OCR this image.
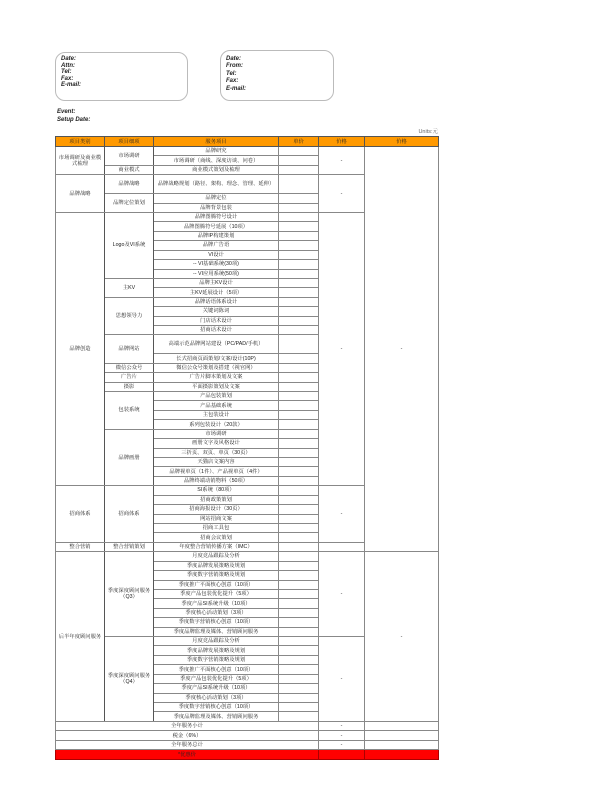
Date:
Attn:
Tel:
Fax:
E-mail:
Date:
From:
Tel:
Fax:
E-mail:
Event:
Setup Date:
Units:元
项目类别	项目细项	服务项目	单价	价格	价格
市场调研及商业模式梳理	市场调研	品牌研究		-	-
		市场调研（商线、深度访谈、问卷）			
	商业模式	商业模式策划及梳理			
品牌战略	品牌战略	品牌战略规划（路径、架构、理念、管理、延伸）		-	
	品牌定位策划	品牌定位			
		品牌背景包装			
品牌创造	Logo及VI系统	品牌图腾符号设计		-	
		品牌图腾符号延展（10项）			
		品牌IP构建策划			
		品牌广告语			
		VI设计			
		-- VI基础系统(30项)			
		-- VI应用系统(50项)			
	主KV	品牌主KV设计			
		主KV延展设计（5项）			
	思想领导力	品牌话语体系设计			
		关键词陈词			
		门店话术设计			
		招商话术设计			
	品牌网站	高端示范品牌网站建设（PC/PAD/手机）			
		长式招商页面策划/文案/设计(10P)			
	微信公众号	微信公众号策划及搭建（视官网）			
	广告片	广告片脚本策划及文案			
	摄影	平面摄影策划及文案			
	包装系统	产品包装策划			
		产品基础系统			
		主包装设计			
		系列包装设计（20款）			
	品牌画册	市场调研			
		画册文字及风格设计			
		三折页、双页、单页（30页）			
		天猫店文案内容			
		品牌视单页（1件）、产品视单页（4件）			
		品牌终端动销物料（50项）			
招商体系	招商体系	SI系统（80项）		-	
		招商政策策划			
		招商海报设计（30页）			
		网站招商文案			
		招商工具包			
		招商会议策划			
整合营销	整合营销策划	年度整合营销传播方案（IMC）			
后半年度顾问服务	季度深度顾问服务（Q3）	月度竞品跟踪及分析		-	-
		季度品牌发展策略及规划			
		季度数字营销策略及规划			
		季度推广平面核心创意（10项）			
		季度产品包装优化提升（5项）			
		季度产品SI系统升级（10项）			
		季度核心活动策划（3项）			
		季度数字营销核心创意（10项）			
		季度品牌监理及媒体、营销顾问服务			
	季度深度顾问服务（Q4）	月度竞品跟踪及分析		-	
		季度品牌发展策略及规划			
		季度数字营销策略及规划			
		季度推广平面核心创意（10项）			
		季度产品包装优化提升（5项）			
		季度产品SI系统升级（10项）			
		季度核心活动策划（3项）			
		季度数字营销核心创意（10项）			
		季度品牌监理及媒体、营销顾问服务			
全年服务小计				-	
税金（6%）				-	
全年服务总计				-	
*优惠价					
